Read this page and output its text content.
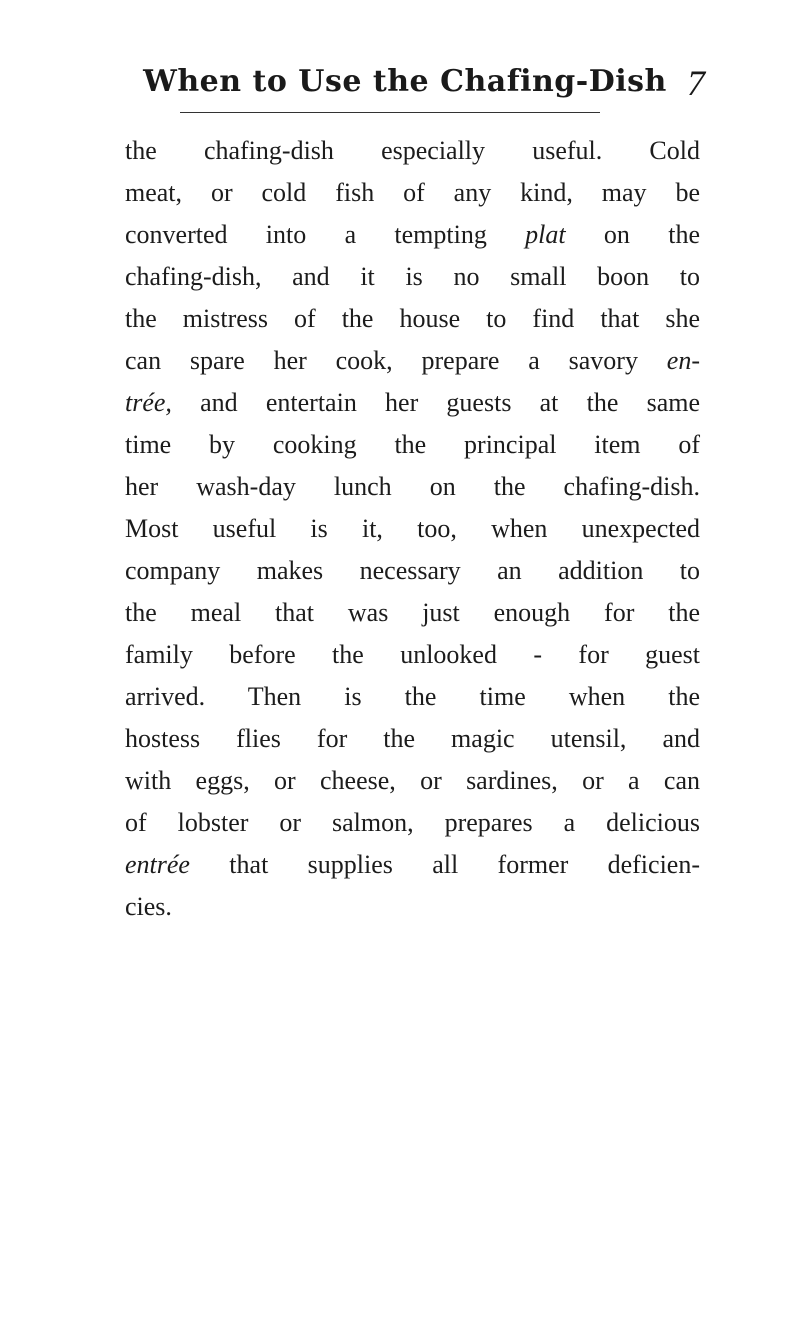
When to Use the Chafing-Dish 7
the chafing-dish especially useful. Cold
meat, or cold fish of any kind, may be
converted into a tempting plat on the
chafing-dish, and it is no small boon to
the mistress of the house to find that she
can spare her cook, prepare a savory en-
trée, and entertain her guests at the same
time by cooking the principal item of
her wash-day lunch on the chafing-dish.
Most useful is it, too, when unexpected
company makes necessary an addition to
the meal that was just enough for the
family before the unlooked - for guest
arrived. Then is the time when the
hostess flies for the magic utensil, and
with eggs, or cheese, or sardines, or a can
of lobster or salmon, prepares a delicious
entrée that supplies all former deficien-
cies.
